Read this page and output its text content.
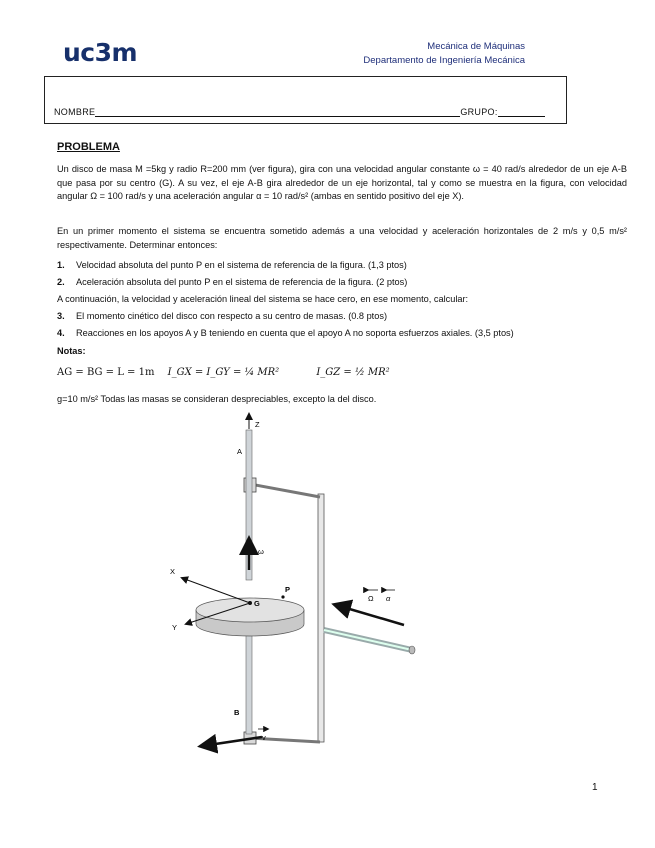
uc3m	Mecánica de Máquinas
Departamento de Ingeniería Mecánica
NOMBRE	GRUPO:
PROBLEMA
Un disco de masa M =5kg y radio R=200 mm (ver figura), gira con una velocidad angular constante ω = 40 rad/s alrededor de un eje A-B que pasa por su centro (G). A su vez, el eje A-B gira alrededor de un eje horizontal, tal y como se muestra en la figura, con velocidad angular Ω = 100 rad/s y una aceleración angular α = 10 rad/s² (ambas en sentido positivo del eje X).
En un primer momento el sistema se encuentra sometido además a una velocidad y aceleración horizontales de 2 m/s y 0,5 m/s² respectivamente. Determinar entonces:
1. Velocidad absoluta del punto P en el sistema de referencia de la figura. (1,3 ptos)
2. Aceleración absoluta del punto P en el sistema de referencia de la figura. (2 ptos)
A continuación, la velocidad y aceleración lineal del sistema se hace cero, en ese momento, calcular:
3. El momento cinético del disco con respecto a su centro de masas. (0.8 ptos)
4. Reacciones en los apoyos A y B teniendo en cuenta que el apoyo A no soporta esfuerzos axiales. (3,5 ptos)
Notas:
AG = BG = L = 1m I_GX = I_GY = ¼ MR²	I_GZ = ½ MR²
g=10 m/s² Todas las masas se consideran despreciables, excepto la del disco.
Z
A
X
Y
G
P
B
ω
Ω α
v
1
